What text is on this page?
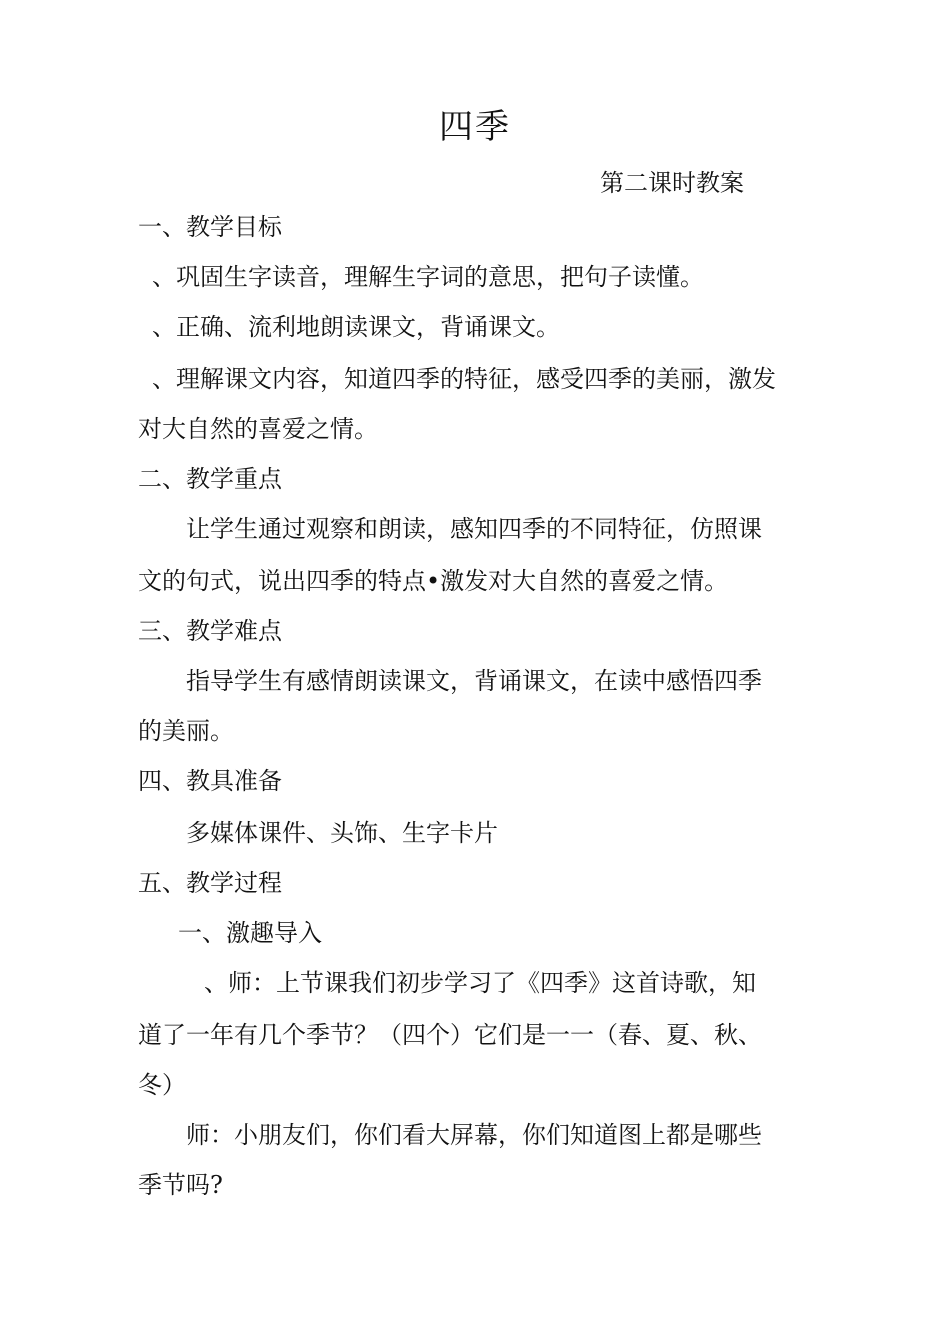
四季
第二课时教案
一、教学目标
、巩固生字读音，理解生字词的意思，把句子读懂。
、正确、流利地朗读课文，背诵课文。
、理解课文内容，知道四季的特征，感受四季的美丽，激发
对大自然的喜爱之情。
二、教学重点
让学生通过观察和朗读，感知四季的不同特征，仿照课
文的句式，说出四季的特点•激发对大自然的喜爱之情。
三、教学难点
指导学生有感情朗读课文，背诵课文，在读中感悟四季
的美丽。
四、教具准备
多媒体课件、头饰、生字卡片
五、教学过程
一、激趣导入
、师：上节课我们初步学习了《四季》这首诗歌，知
道了一年有几个季节？（四个）它们是一一（春、夏、秋、
冬）
师：小朋友们，你们看大屏幕，你们知道图上都是哪些
季节吗?
